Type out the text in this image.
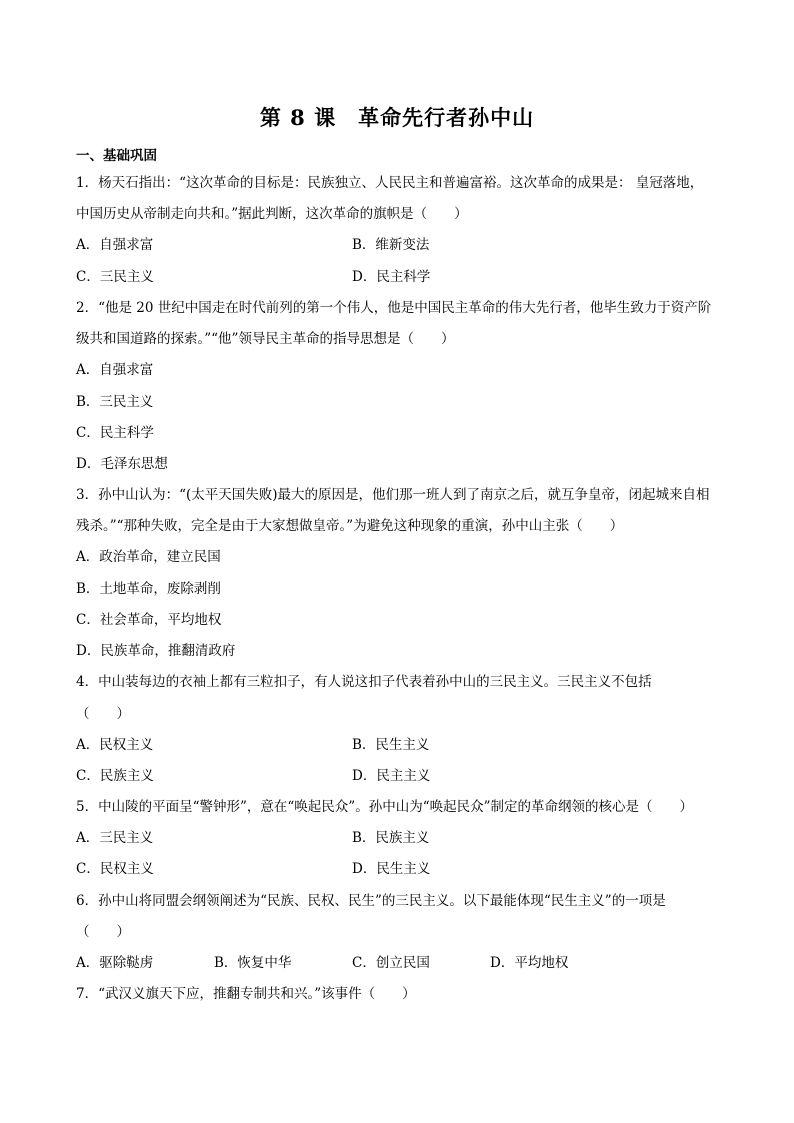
第 8 课　革命先行者孙中山
一、基础巩固
1．杨天石指出：“这次革命的目标是：民族独立、人民民主和普遍富裕。这次革命的成果是： 皇冠落地，
中国历史从帝制走向共和。”据此判断，这次革命的旗帜是（　　）
A．自强求富	B．维新变法
C．三民主义	D．民主科学
2．“他是 20 世纪中国走在时代前列的第一个伟人，他是中国民主革命的伟大先行者，他毕生致力于资产阶
级共和国道路的探索。”“他”领导民主革命的指导思想是（　　）
A．自强求富
B．三民主义
C．民主科学
D．毛泽东思想
3．孙中山认为：“(太平天国失败)最大的原因是，他们那一班人到了南京之后，就互争皇帝，闭起城来自相
残杀。”“那种失败，完全是由于大家想做皇帝。”为避免这种现象的重演，孙中山主张（　　）
A．政治革命，建立民国
B．土地革命，废除剥削
C．社会革命，平均地权
D．民族革命，推翻清政府
4．中山装每边的衣袖上都有三粒扣子，有人说这扣子代表着孙中山的三民主义。三民主义不包括
（　　）
A．民权主义	B．民生主义
C．民族主义	D．民主主义
5．中山陵的平面呈“警钟形”，意在“唤起民众”。孙中山为“唤起民众”制定的革命纲领的核心是（　　）
A．三民主义	B．民族主义
C．民权主义	D．民生主义
6．孙中山将同盟会纲领阐述为“民族、民权、民生”的三民主义。以下最能体现“民生主义”的一项是
（　　）
A．驱除鞑虏	B．恢复中华	C．创立民国	D．平均地权
7．“武汉义旗天下应，推翻专制共和兴。”该事件（　　）
